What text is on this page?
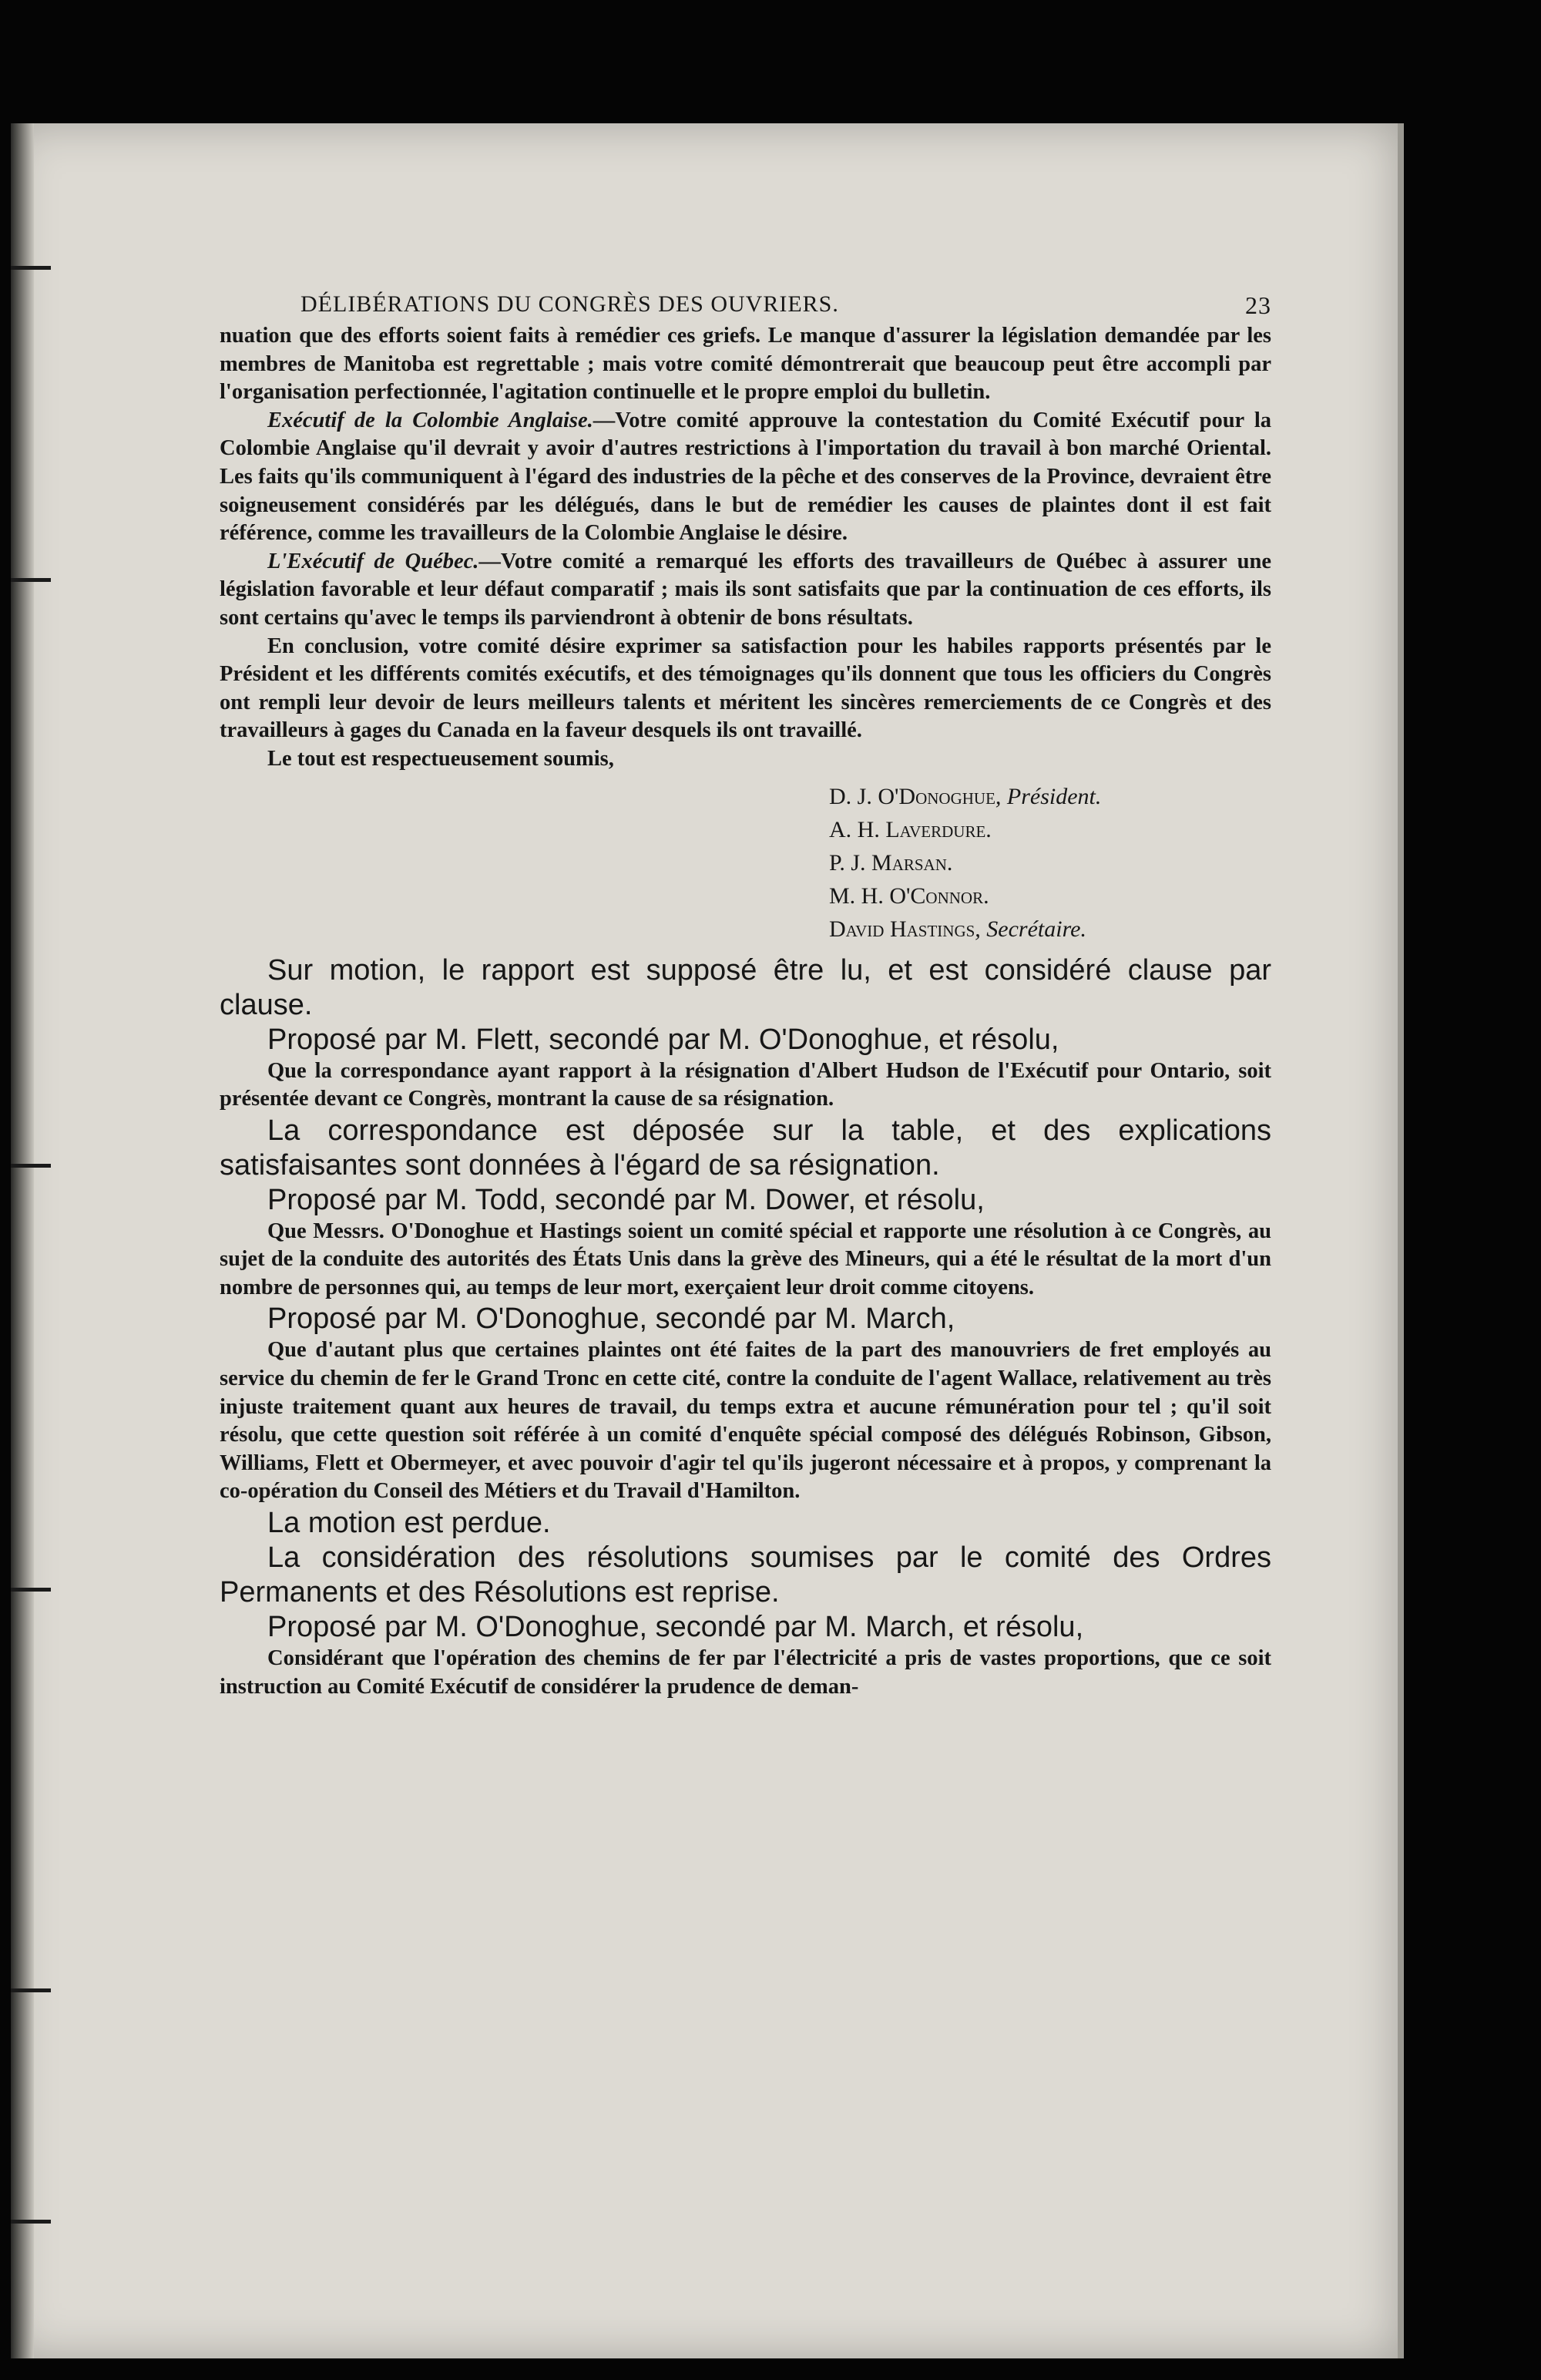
DÉLIBÉRATIONS DU CONGRÈS DES OUVRIERS.	23

nuation que des efforts soient faits à remédier ces griefs. Le manque d'assurer la législation demandée par les membres de Manitoba est regrettable ; mais votre comité démontrerait que beaucoup peut être accompli par l'organisation perfectionnée, l'agitation continuelle et le propre emploi du bulletin.

Exécutif de la Colombie Anglaise.—Votre comité approuve la contestation du Comité Exécutif pour la Colombie Anglaise qu'il devrait y avoir d'autres restrictions à l'importation du travail à bon marché Oriental. Les faits qu'ils communiquent à l'égard des industries de la pêche et des conserves de la Province, devraient être soigneusement considérés par les délégués, dans le but de remédier les causes de plaintes dont il est fait référence, comme les travailleurs de la Colombie Anglaise le désire.

L'Exécutif de Québec.—Votre comité a remarqué les efforts des travailleurs de Québec à assurer une législation favorable et leur défaut comparatif ; mais ils sont satisfaits que par la continuation de ces efforts, ils sont certains qu'avec le temps ils parviendront à obtenir de bons résultats.

En conclusion, votre comité désire exprimer sa satisfaction pour les habiles rapports présentés par le Président et les différents comités exécutifs, et des témoignages qu'ils donnent que tous les officiers du Congrès ont rempli leur devoir de leurs meilleurs talents et méritent les sincères remerciements de ce Congrès et des travailleurs à gages du Canada en la faveur desquels ils ont travaillé.

Le tout est respectueusement soumis,

D. J. O'Donoghue, Président.
A. H. Laverdure.
P. J. Marsan.
M. H. O'Connor.
David Hastings, Secrétaire.

Sur motion, le rapport est supposé être lu, et est considéré clause par clause.

Proposé par M. Flett, secondé par M. O'Donoghue, et résolu,

Que la correspondance ayant rapport à la résignation d'Albert Hudson de l'Exécutif pour Ontario, soit présentée devant ce Congrès, montrant la cause de sa résignation.

La correspondance est déposée sur la table, et des explications satisfaisantes sont données à l'égard de sa résignation.

Proposé par M. Todd, secondé par M. Dower, et résolu,

Que Messrs. O'Donoghue et Hastings soient un comité spécial et rapporte une résolution à ce Congrès, au sujet de la conduite des autorités des États Unis dans la grève des Mineurs, qui a été le résultat de la mort d'un nombre de personnes qui, au temps de leur mort, exerçaient leur droit comme citoyens.

Proposé par M. O'Donoghue, secondé par M. March,

Que d'autant plus que certaines plaintes ont été faites de la part des manouvriers de fret employés au service du chemin de fer le Grand Tronc en cette cité, contre la conduite de l'agent Wallace, relativement au très injuste traitement quant aux heures de travail, du temps extra et aucune rémunération pour tel ; qu'il soit résolu, que cette question soit référée à un comité d'enquête spécial composé des délégués Robinson, Gibson, Williams, Flett et Obermeyer, et avec pouvoir d'agir tel qu'ils jugeront nécessaire et à propos, y comprenant la co-opération du Conseil des Métiers et du Travail d'Hamilton.

La motion est perdue.

La considération des résolutions soumises par le comité des Ordres Permanents et des Résolutions est reprise.

Proposé par M. O'Donoghue, secondé par M. March, et résolu,

Considérant que l'opération des chemins de fer par l'électricité a pris de vastes proportions, que ce soit instruction au Comité Exécutif de considérer la prudence de deman-
